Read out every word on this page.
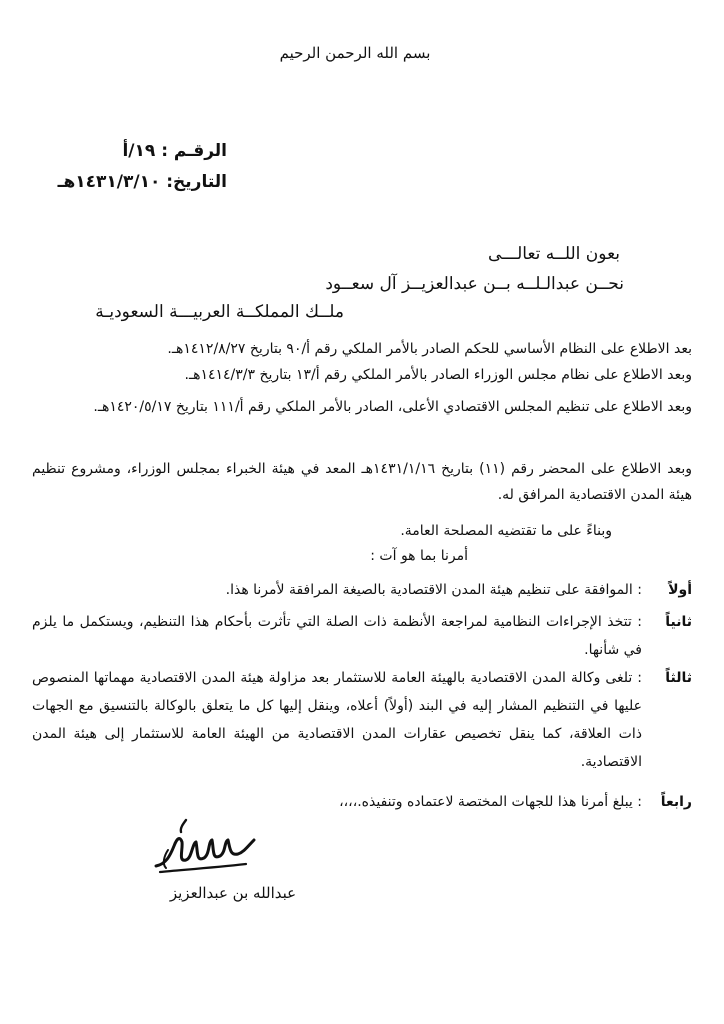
بسم الله الرحمن الرحيم
الرقـم : ١٩/أ
التاريخ: ١٤٣١/٣/١٠هـ
بعون اللــه تعالـــى
نحــن عبدالـلــه بــن عبدالعزيــز آل سعــود
ملــك المملكــة العربيـــة السعوديـة
بعد الاطلاع على النظام الأساسي للحكم الصادر بالأمر الملكي رقم أ/٩٠ بتاريخ ١٤١٢/٨/٢٧هـ.
وبعد الاطلاع على نظام مجلس الوزراء الصادر بالأمر الملكي رقم أ/١٣ بتاريخ ١٤١٤/٣/٣هـ.
وبعد الاطلاع على تنظيم المجلس الاقتصادي الأعلى، الصادر بالأمر الملكي رقم أ/١١١ بتاريخ ١٤٢٠/٥/١٧هـ.
وبعد الاطلاع على المحضر رقم (١١) بتاريخ ١٤٣١/١/١٦هـ المعد في هيئة الخبراء بمجلس الوزراء، ومشروع تنظيم هيئة المدن الاقتصادية المرافق له.
وبناءً على ما تقتضيه المصلحة العامة.
أمرنا بما هو آت :
أولاً
: الموافقة على تنظيم هيئة المدن الاقتصادية بالصيغة المرافقة لأمرنا هذا.
ثانياً
: تتخذ الإجراءات النظامية لمراجعة الأنظمة ذات الصلة التي تأثرت بأحكام هذا التنظيم، ويستكمل ما يلزم في شأنها.
ثالثاً
: تلغى وكالة المدن الاقتصادية بالهيئة العامة للاستثمار بعد مزاولة هيئة المدن الاقتصادية مهماتها المنصوص عليها في التنظيم المشار إليه في البند (أولاً) أعلاه، وينقل إليها كل ما يتعلق بالوكالة بالتنسيق مع الجهات ذات العلاقة، كما ينقل تخصيص عقارات المدن الاقتصادية من الهيئة العامة للاستثمار إلى هيئة المدن الاقتصادية.
رابعاً
: يبلغ أمرنا هذا للجهات المختصة لاعتماده وتنفيذه.،،،،
عبدالله بن عبدالعزيز
